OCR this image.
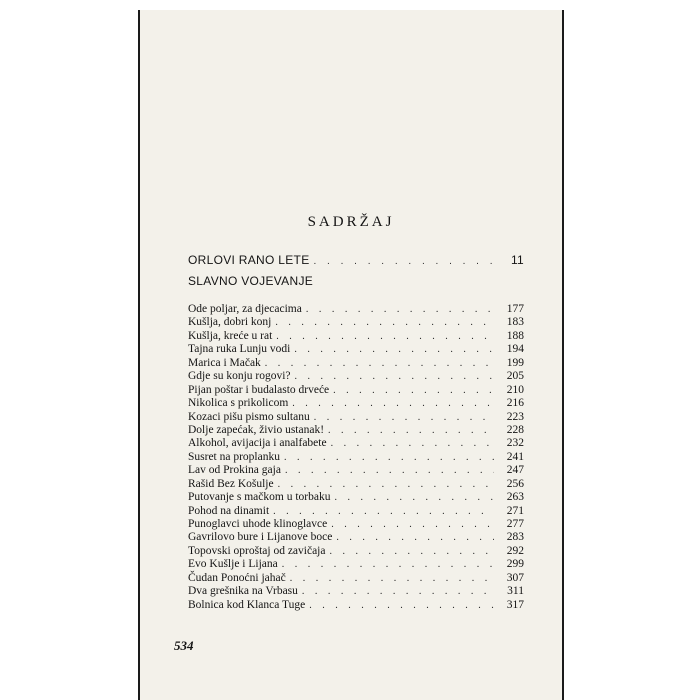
SADRŽAJ
ORLOVI RANO LETE . . .	11
SLAVNO VOJEVANJE
Ode poljar, za djecacima . . .	177
Kušlja, dobri konj . . .	183
Kušlja, kreće u rat . . .	188
Tajna ruka Lunju vodi . . .	194
Marica i Mačak . . .	199
Gdje su konju rogovi? . . .	205
Pijan poštar i budalasto drveće . . .	210
Nikolica s prikolicom . . .	216
Kozaci pišu pismo sultanu . . .	223
Dolje zapećak, živio ustanak! . . .	228
Alkohol, avijacija i analfabete . . .	232
Susret na proplanku . . .	241
Lav od Prokina gaja . . .	247
Rašid Bez Košulje . . .	256
Putovanje s mačkom u torbaku . . .	263
Pohod na dinamit . . .	271
Punoglavci uhode klinoglavce . . .	277
Gavrilovo bure i Lijanove boce . . .	283
Topovski oproštaj od zavičaja . . .	292
Evo Kušlje i Lijana . . .	299
Čudan Ponoćni jahač . . .	307
Dva grešnika na Vrbasu . . .	311
Bolnica kod Klanca Tuge . . .	317
534
